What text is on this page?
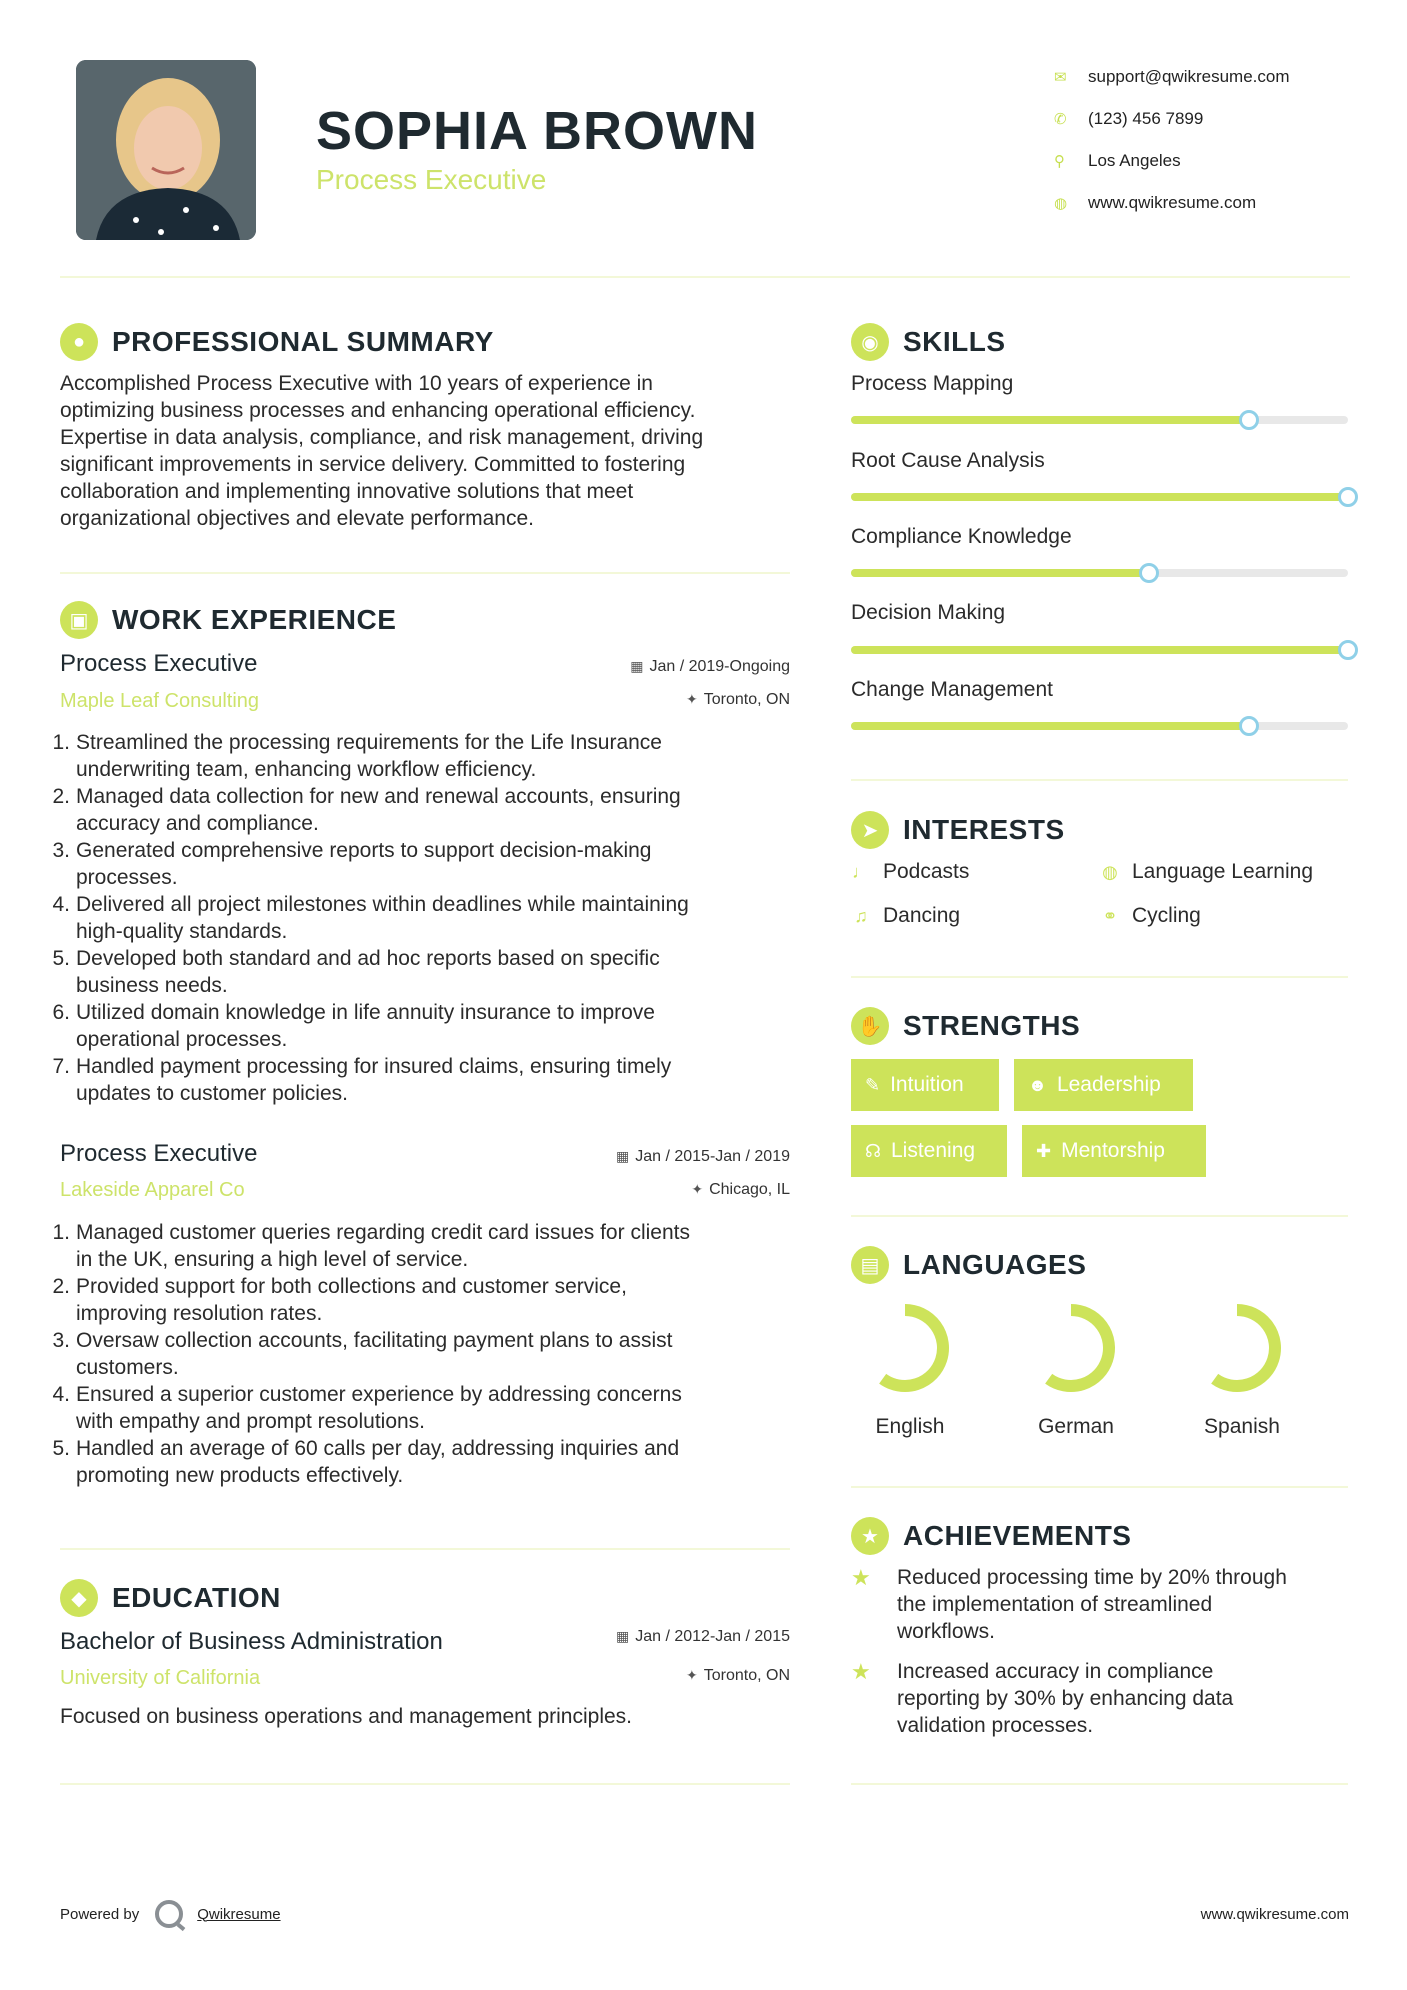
SOPHIA BROWN
Process Executive
✉	support@qwikresume.com
✆	(123) 456 7899
⚲	Los Angeles
◍	www.qwikresume.com
● PROFESSIONAL SUMMARY
Accomplished Process Executive with 10 years of experience in
optimizing business processes and enhancing operational efficiency.
Expertise in data analysis, compliance, and risk management, driving
significant improvements in service delivery. Committed to fostering
collaboration and implementing innovative solutions that meet
organizational objectives and elevate performance.
▣ WORK EXPERIENCE
Process Executive
Maple Leaf Consulting
▦ Jan / 2019-Ongoing
✦ Toronto, ON
1. Streamlined the processing requirements for the Life Insurance
underwriting team, enhancing workflow efficiency.
2. Managed data collection for new and renewal accounts, ensuring
accuracy and compliance.
3. Generated comprehensive reports to support decision-making
processes.
4. Delivered all project milestones within deadlines while maintaining
high-quality standards.
5. Developed both standard and ad hoc reports based on specific
business needs.
6. Utilized domain knowledge in life annuity insurance to improve
operational processes.
7. Handled payment processing for insured claims, ensuring timely
updates to customer policies.
Process Executive
Lakeside Apparel Co
▦ Jan / 2015-Jan / 2019
✦ Chicago, IL
1. Managed customer queries regarding credit card issues for clients
in the UK, ensuring a high level of service.
2. Provided support for both collections and customer service,
improving resolution rates.
3. Oversaw collection accounts, facilitating payment plans to assist
customers.
4. Ensured a superior customer experience by addressing concerns
with empathy and prompt resolutions.
5. Handled an average of 60 calls per day, addressing inquiries and
promoting new products effectively.
◆ EDUCATION
Bachelor of Business Administration
University of California
▦ Jan / 2012-Jan / 2015
✦ Toronto, ON
Focused on business operations and management principles.
◉ SKILLS
Process Mapping
Root Cause Analysis
Compliance Knowledge
Decision Making
Change Management
➤ INTERESTS
♩ Podcasts	◍ Language Learning
♫ Dancing	⚭ Cycling
✋ STRENGTHS
✎ Intuition	☻ Leadership
☊ Listening	✚ Mentorship
▤ LANGUAGES
English	German	Spanish
★ ACHIEVEMENTS
★	Reduced processing time by 20% through
the implementation of streamlined
workflows.
★	Increased accuracy in compliance
reporting by 30% by enhancing data
validation processes.
Powered by	Qwikresume	www.qwikresume.com
